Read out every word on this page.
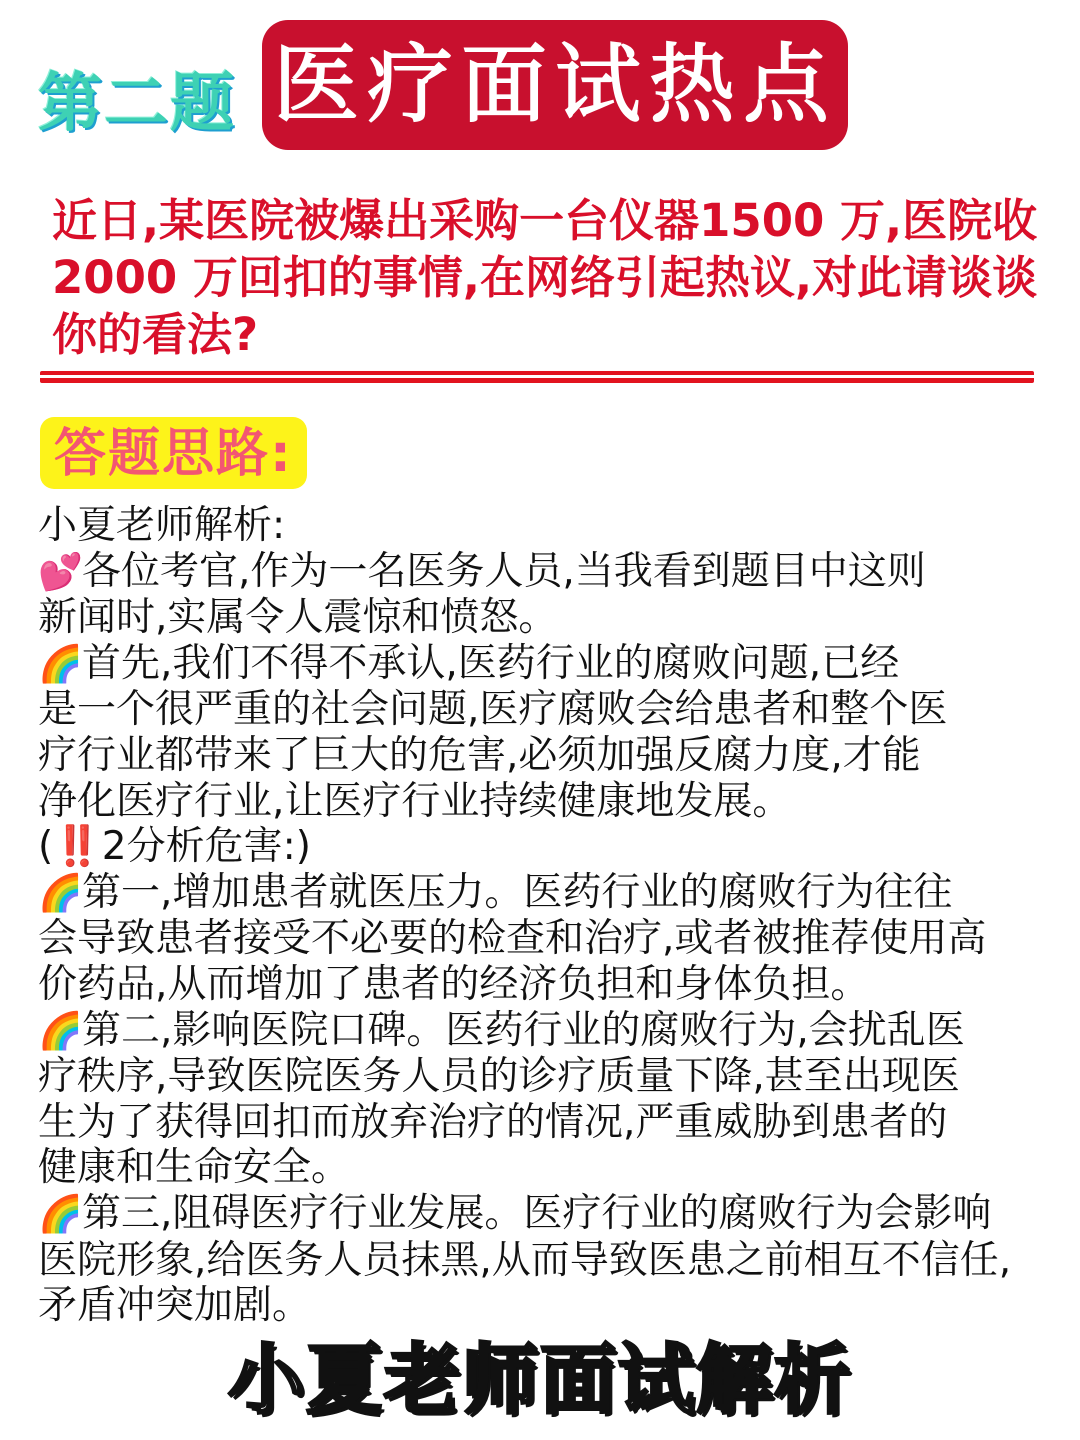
第二题 医疗面试热点

近日,某医院被爆出采购一台仪器1500 万,医院收 2000 万回扣的事情,在网络引起热议,对此请谈谈你的看法?

答题思路:
小夏老师解析:
💕各位考官,作为一名医务人员,当我看到题目中这则
新闻时,实属令人震惊和愤怒。
🌈首先,我们不得不承认,医药行业的腐败问题,已经
是一个很严重的社会问题,医疗腐败会给患者和整个医
疗行业都带来了巨大的危害,必须加强反腐力度,才能
净化医疗行业,让医疗行业持续健康地发展。
(‼️2分析危害:)
🌈第一,增加患者就医压力。医药行业的腐败行为往往
会导致患者接受不必要的检查和治疗,或者被推荐使用高
价药品,从而增加了患者的经济负担和身体负担。
🌈第二,影响医院口碑。医药行业的腐败行为,会扰乱医
疗秩序,导致医院医务人员的诊疗质量下降,甚至出现医
生为了获得回扣而放弃治疗的情况,严重威胁到患者的
健康和生命安全。
🌈第三,阻碍医疗行业发展。医疗行业的腐败行为会影响
医院形象,给医务人员抹黑,从而导致医患之前相互不信任,
矛盾冲突加剧。
小夏老师面试解析
